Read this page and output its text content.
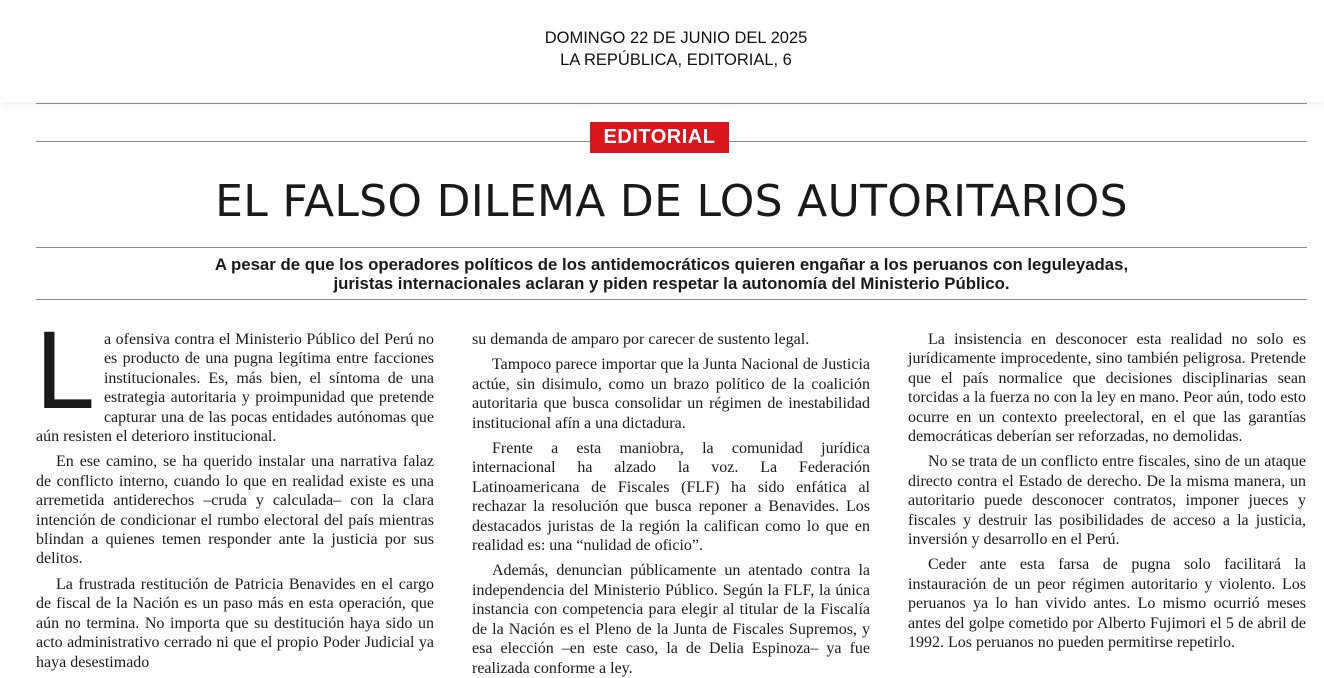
DOMINGO 22 DE JUNIO DEL 2025
LA REPÚBLICA, EDITORIAL, 6
EDITORIAL
EL FALSO DILEMA DE LOS AUTORITARIOS
A pesar de que los operadores políticos de los antidemocráticos quieren engañar a los peruanos con leguleyadas,
juristas internacionales aclaran y piden respetar la autonomía del Ministerio Público.

La ofensiva contra el Ministerio Público del Perú no es producto de una pugna legítima entre facciones institucionales. Es, más bien, el síntoma de una estrategia autoritaria y proimpunidad que pretende capturar una de las pocas entidades autónomas que aún resisten el deterioro institucional.

En ese camino, se ha querido instalar una narrativa falaz de conflicto interno, cuando lo que en realidad existe es una arremetida antiderechos –cruda y calculada– con la clara intención de condicionar el rumbo electoral del país mientras blindan a quienes temen responder ante la justicia por sus delitos.

La frustrada restitución de Patricia Benavides en el cargo de fiscal de la Nación es un paso más en esta operación, que aún no termina. No importa que su destitución haya sido un acto administrativo cerrado ni que el propio Poder Judicial ya haya desestimado

su demanda de amparo por carecer de sustento legal.

Tampoco parece importar que la Junta Nacional de Justicia actúe, sin disimulo, como un brazo político de la coalición autoritaria que busca consolidar un régimen de inestabilidad institucional afín a una dictadura.

Frente a esta maniobra, la comunidad jurídica internacional ha alzado la voz. La Federación Latinoamericana de Fiscales (FLF) ha sido enfática al rechazar la resolución que busca reponer a Benavides. Los destacados juristas de la región la califican como lo que en realidad es: una “nulidad de oficio”.

Además, denuncian públicamente un atentado contra la independencia del Ministerio Público. Según la FLF, la única instancia con competencia para elegir al titular de la Fiscalía de la Nación es el Pleno de la Junta de Fiscales Supremos, y esa elección –en este caso, la de Delia Espinoza– ya fue realizada conforme a ley.

La insistencia en desconocer esta realidad no solo es jurídicamente improcedente, sino también peligrosa. Pretende que el país normalice que decisiones disciplinarias sean torcidas a la fuerza no con la ley en mano. Peor aún, todo esto ocurre en un contexto preelectoral, en el que las garantías democráticas deberían ser reforzadas, no demolidas.

No se trata de un conflicto entre fiscales, sino de un ataque directo contra el Estado de derecho. De la misma manera, un autoritario puede desconocer contratos, imponer jueces y fiscales y destruir las posibilidades de acceso a la justicia, inversión y desarrollo en el Perú.

Ceder ante esta farsa de pugna solo facilitará la instauración de un peor régimen autoritario y violento. Los peruanos ya lo han vivido antes. Lo mismo ocurrió meses antes del golpe cometido por Alberto Fujimori el 5 de abril de 1992. Los peruanos no pueden permitirse repetirlo.
